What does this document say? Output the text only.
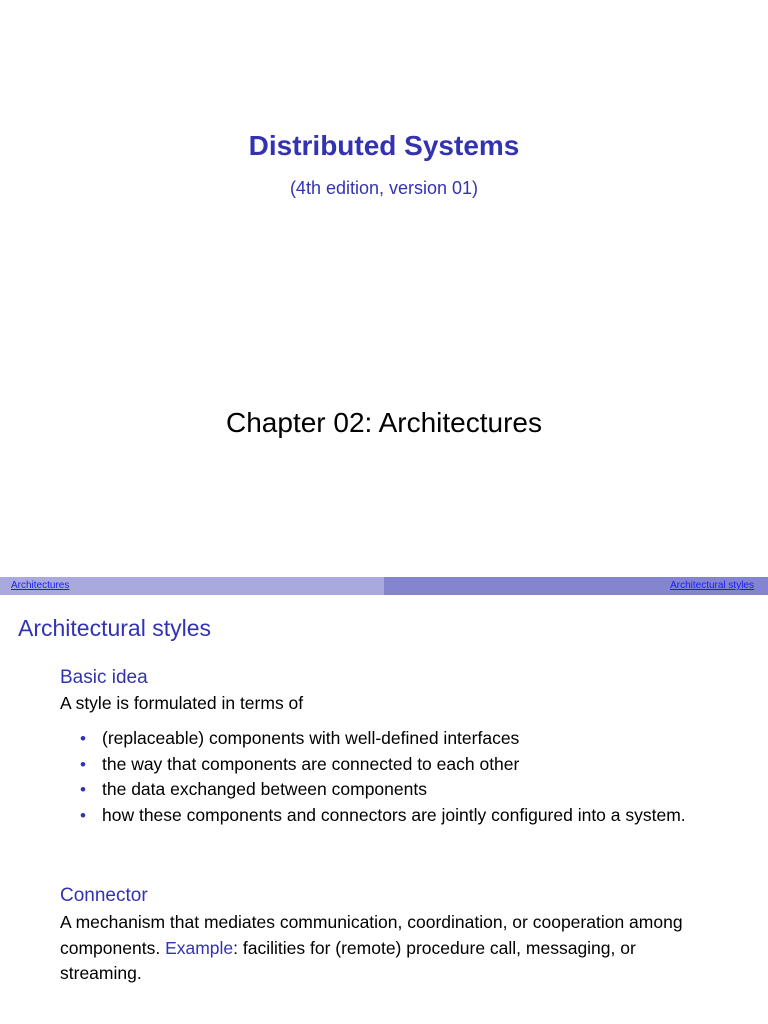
Distributed Systems
(4th edition, version 01)
Chapter 02: Architectures
Architectures	Architectural styles
Architectural styles
Basic idea
A style is formulated in terms of
• (replaceable) components with well-defined interfaces
• the way that components are connected to each other
• the data exchanged between components
• how these components and connectors are jointly configured into a system.
Connector
A mechanism that mediates communication, coordination, or cooperation among components. Example: facilities for (remote) procedure call, messaging, or streaming.
